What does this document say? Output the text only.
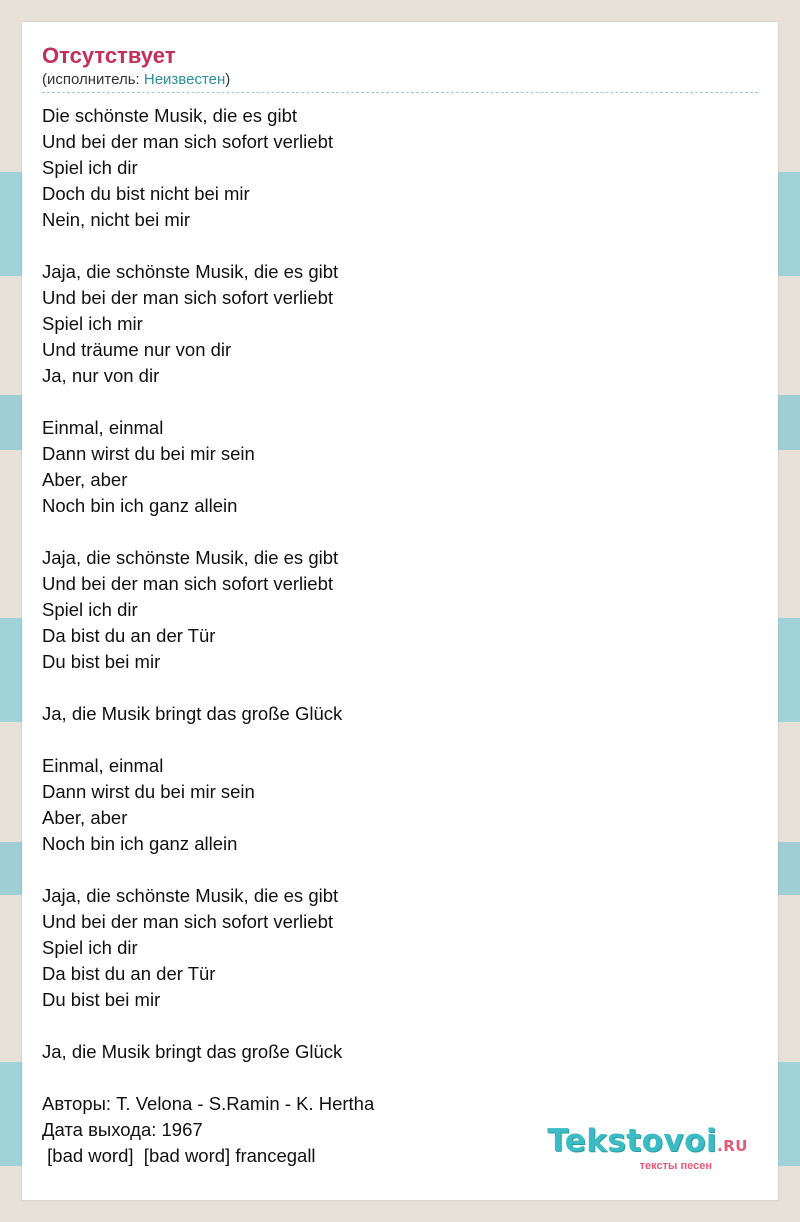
Отсутствует
(исполнитель: Неизвестен)
Die schönste Musik, die es gibt
Und bei der man sich sofort verliebt
Spiel ich dir
Doch du bist nicht bei mir
Nein, nicht bei mir
Jaja, die schönste Musik, die es gibt
Und bei der man sich sofort verliebt
Spiel ich mir
Und träume nur von dir
Ja, nur von dir
Einmal, einmal
Dann wirst du bei mir sein
Aber, aber
Noch bin ich ganz allein
Jaja, die schönste Musik, die es gibt
Und bei der man sich sofort verliebt
Spiel ich dir
Da bist du an der Tür
Du bist bei mir
Ja, die Musik bringt das große Glück
Einmal, einmal
Dann wirst du bei mir sein
Aber, aber
Noch bin ich ganz allein
Jaja, die schönste Musik, die es gibt
Und bei der man sich sofort verliebt
Spiel ich dir
Da bist du an der Tür
Du bist bei mir
Ja, die Musik bringt das große Glück
Авторы: T. Velona - S.Ramin - K. Hertha
Дата выхода: 1967
[bad word]  [bad word] francegall	Tekstovoi.RU
тексты песен
